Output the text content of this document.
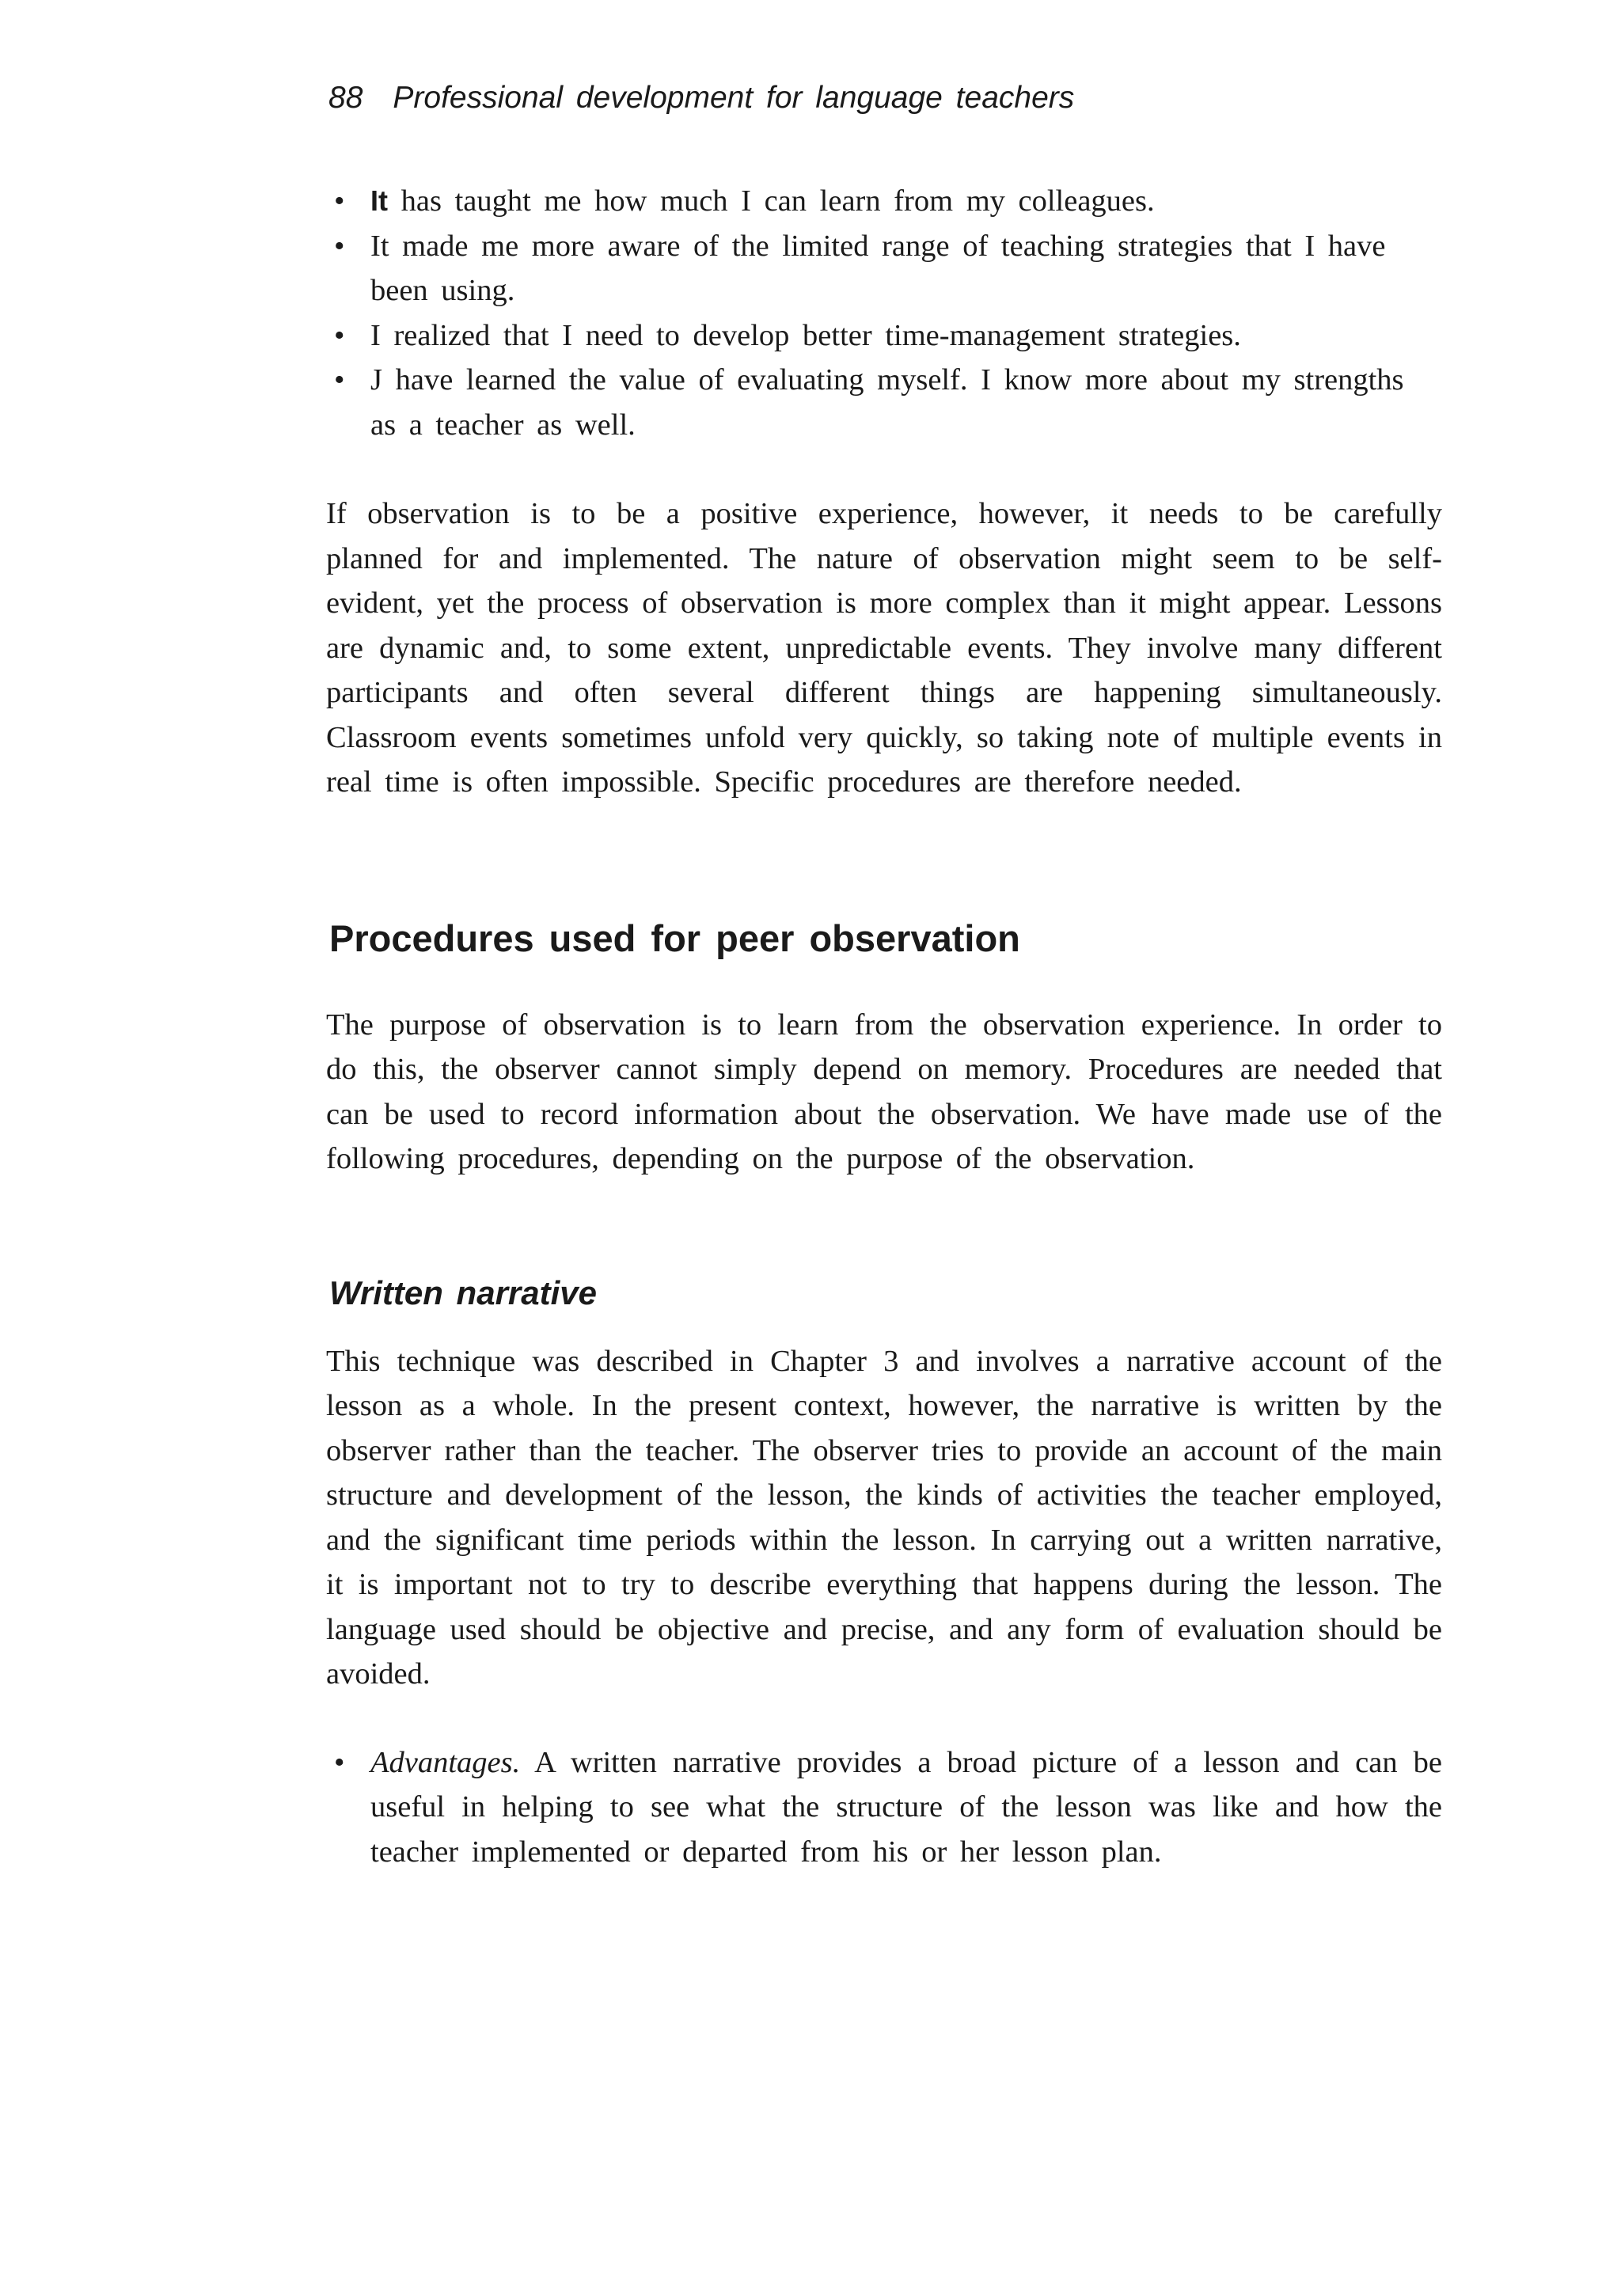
88 Professional development for language teachers
• It has taught me how much I can learn from my colleagues.
• It made me more aware of the limited range of teaching strategies that I have been using.
• I realized that I need to develop better time-management strategies.
• J have learned the value of evaluating myself. I know more about my strengths as a teacher as well.

If observation is to be a positive experience, however, it needs to be carefully planned for and implemented. The nature of observation might seem to be self-evident, yet the process of observation is more complex than it might appear. Lessons are dynamic and, to some extent, unpredictable events. They involve many different participants and often several different things are happening simultaneously. Classroom events sometimes unfold very quickly, so taking note of multiple events in real time is often impossible. Specific procedures are therefore needed.

Procedures used for peer observation

The purpose of observation is to learn from the observation experience. In order to do this, the observer cannot simply depend on memory. Procedures are needed that can be used to record information about the observation. We have made use of the following procedures, depending on the purpose of the observation.

Written narrative

This technique was described in Chapter 3 and involves a narrative account of the lesson as a whole. In the present context, however, the narrative is written by the observer rather than the teacher. The observer tries to provide an account of the main structure and development of the lesson, the kinds of activities the teacher employed, and the significant time periods within the lesson. In carrying out a written narrative, it is important not to try to describe everything that happens during the lesson. The language used should be objective and precise, and any form of evaluation should be avoided.

• Advantages. A written narrative provides a broad picture of a lesson and can be useful in helping to see what the structure of the lesson was like and how the teacher implemented or departed from his or her lesson plan.
